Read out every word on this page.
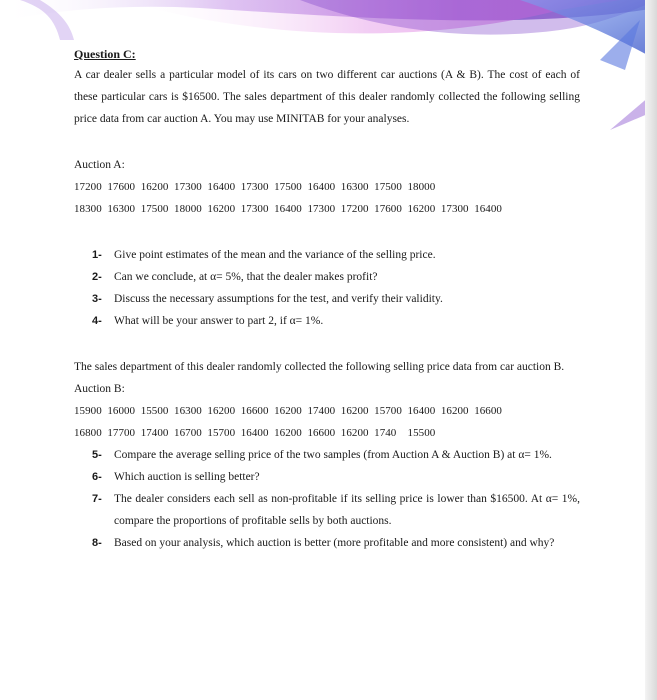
Question C:
A car dealer sells a particular model of its cars on two different car auctions (A & B). The cost of each of these particular cars is $16500. The sales department of this dealer randomly collected the following selling price data from car auction A. You may use MINITAB for your analyses.
Auction A:
17200  17600  16200  17300  16400  17300  17500  16400  16300  17500  18000
18300  16300  17500  18000  16200  17300  16400  17300  17200  17600  16200  17300  16400
1-	Give point estimates of the mean and the variance of the selling price.
2-	Can we conclude, at α= 5%, that the dealer makes profit?
3-	Discuss the necessary assumptions for the test, and verify their validity.
4-	What will be your answer to part 2, if α= 1%.
The sales department of this dealer randomly collected the following selling price data from car auction B.
Auction B:
15900  16000  15500  16300  16200  16600  16200  17400  16200  15700  16400  16200  16600
16800  17700  17400  16700  15700  16400  16200  16600  16200  1740    15500
5-	Compare the average selling price of the two samples (from Auction A & Auction B) at α= 1%.
6-	Which auction is selling better?
7-	The dealer considers each sell as non-profitable if its selling price is lower than $16500. At α= 1%, compare the proportions of profitable sells by both auctions.
8-	Based on your analysis, which auction is better (more profitable and more consistent) and why?
